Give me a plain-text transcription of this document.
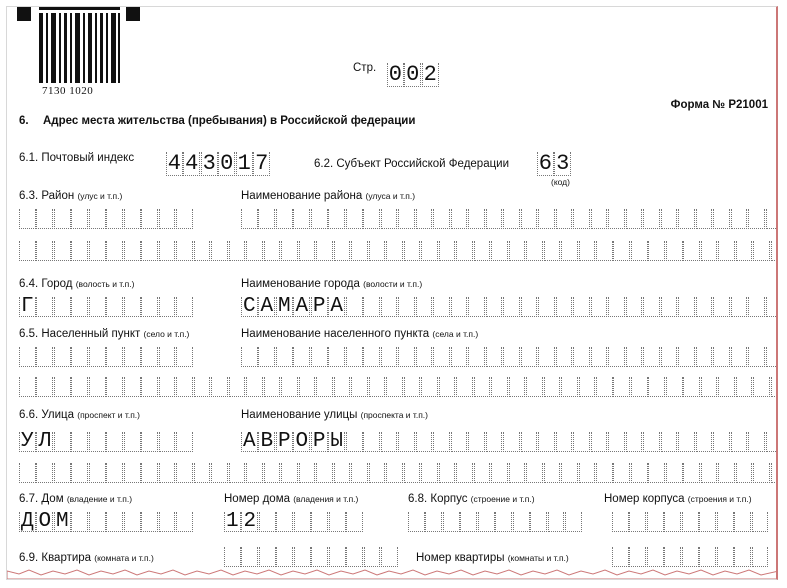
7130 1020
Стр. 0 0 2
Форма № Р21001
6. Адрес места жительства (пребывания) в Российской федерации
6.1. Почтовый индекс 4 4 3 0 1 7	6.2. Субъект Российской Федерации 6 3
(код)
6.3. Район (улус и т.п.)	Наименование района (улуса и т.п.)
6.4. Город (волость и т.п.)	Наименование города (волости и т.п.)
Г	С А М А Р А
6.5. Населенный пункт (село и т.п.)	Наименование населенного пункта (села и т.п.)
6.6. Улица (проспект и т.п.)	Наименование улицы (проспекта и т.п.)
У Л	А В Р О Р Ы
6.7. Дом (владение и т.п.)	Номер дома (владения и т.п.)
Д О М	1 2
6.8. Корпус (строение и т.п.)	Номер корпуса (строения и т.п.)
6.9. Квартира (комната и т.п.)	Номер квартиры (комнаты и т.п.)
